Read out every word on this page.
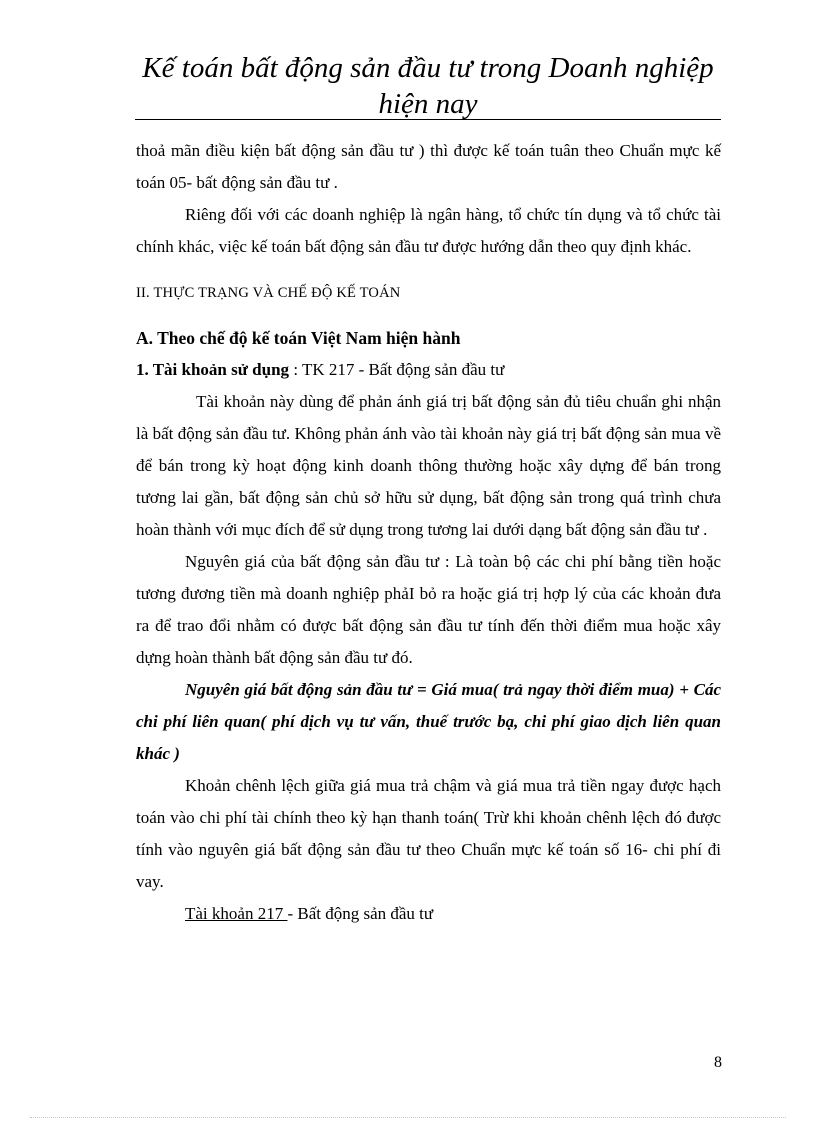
Kế toán bất động sản đầu tư trong Doanh nghiệp hiện nay

thoả mãn điều kiện bất động sản đầu tư ) thì được kế toán tuân theo Chuẩn mực kế toán 05- bất động sản đầu tư .

Riêng đối với các doanh nghiệp là ngân hàng, tổ chức tín dụng và tổ chức tài chính khác, việc kế toán bất động sản đầu tư được hướng dẫn theo quy định khác.

II. THỰC TRẠNG VÀ CHẾ ĐỘ KẾ TOÁN

A. Theo chế độ kế toán Việt Nam hiện hành

1. Tài khoản sử dụng : TK 217 - Bất động sản đầu tư

Tài khoản này dùng để phản ánh giá trị bất động sản đủ tiêu chuẩn ghi nhận là bất động sản đầu tư. Không phản ánh vào tài khoản này giá trị bất động sản mua về để bán trong kỳ hoạt động kinh doanh thông thường hoặc xây dựng để bán trong tương lai gần, bất động sản chủ sở hữu sử dụng, bất động sản trong quá trình chưa hoàn thành với mục đích để sử dụng trong tương lai dưới dạng bất động sản đầu tư .

Nguyên giá của bất động sản đầu tư : Là toàn bộ các chi phí bằng tiền hoặc tương đương tiền mà doanh nghiệp phảI bỏ ra hoặc giá trị hợp lý của các khoản đưa ra để trao đổi nhằm có được bất động sản đầu tư tính đến thời điểm mua hoặc xây dựng hoàn thành bất động sản đầu tư đó.

Nguyên giá bất động sản đầu tư = Giá mua( trả ngay thời điểm mua) + Các chi phí liên quan( phí dịch vụ tư vấn, thuế trước bạ, chi phí giao dịch liên quan khác )

Khoản chênh lệch giữa giá mua trả chậm và giá mua trả tiền ngay được hạch toán vào chi phí tài chính theo kỳ hạn thanh toán( Trừ khi khoản chênh lệch đó được tính vào nguyên giá bất động sản đầu tư theo Chuẩn mực kế toán số 16- chi phí đi vay.

Tài khoản 217 - Bất động sản đầu tư

8
